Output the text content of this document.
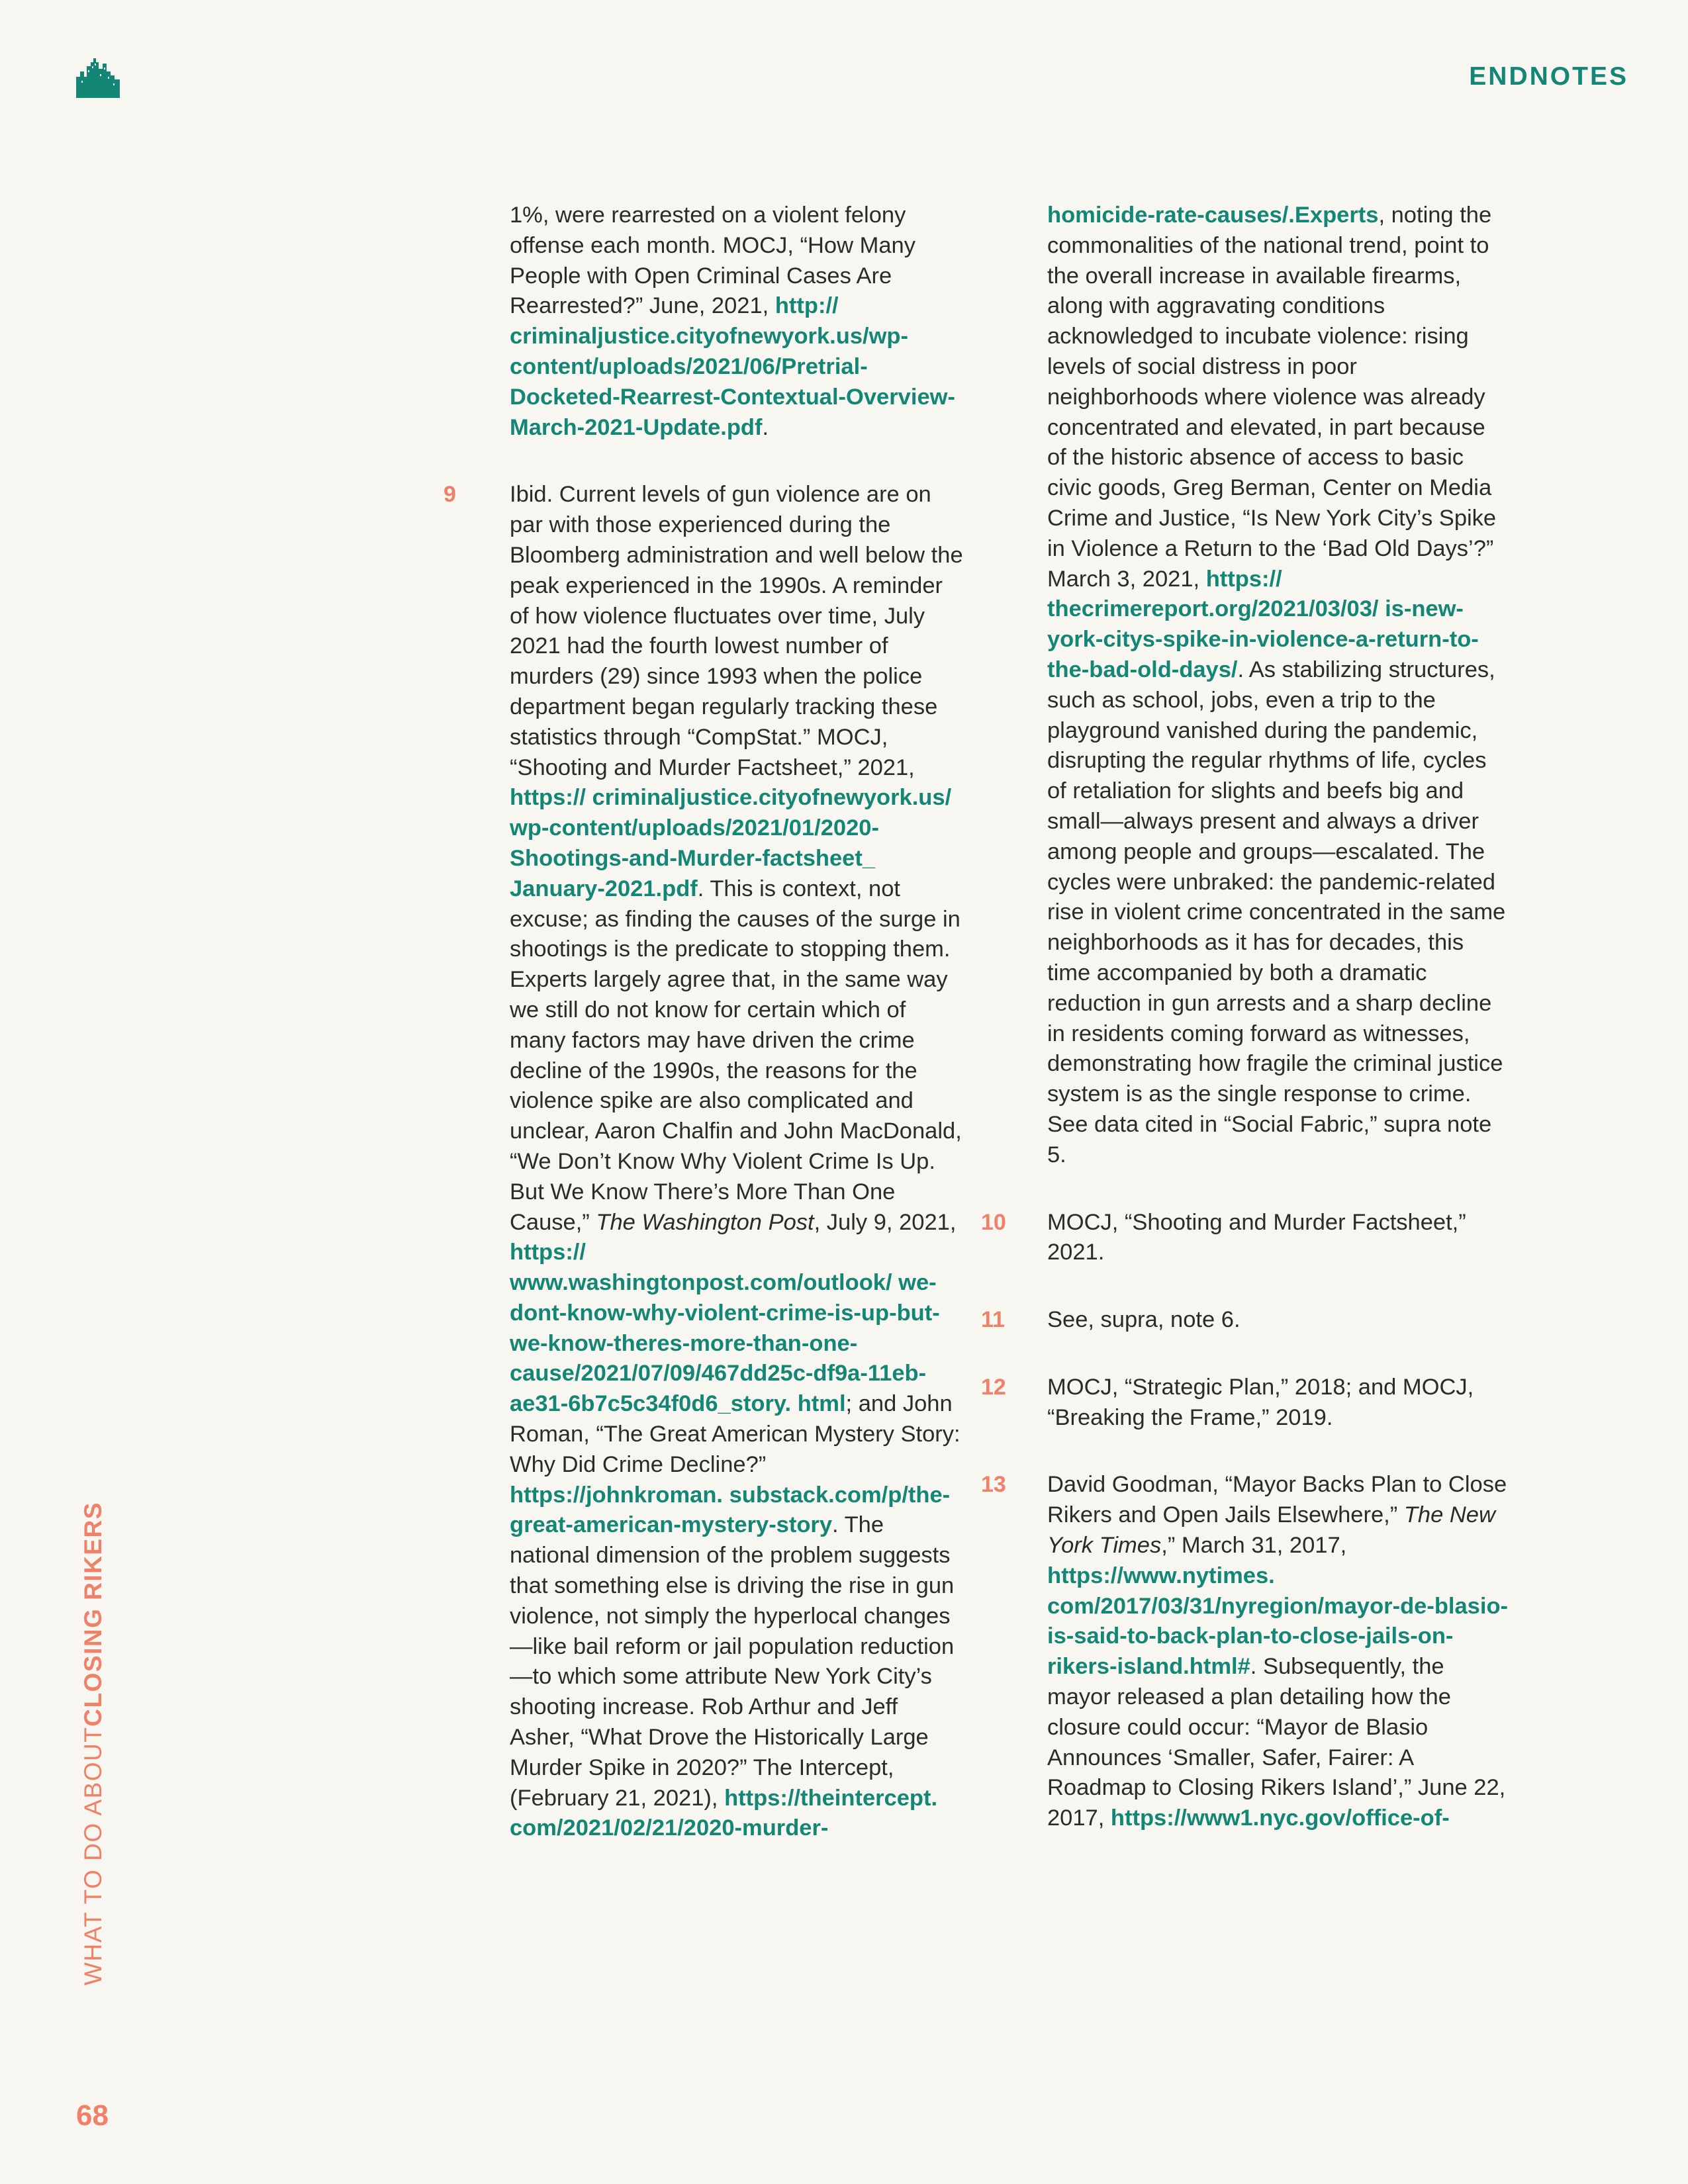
ENDNOTES
WHAT TO DO ABOUTCLOSING RIKERS
68

1%, were rearrested on a violent felony offense each month. MOCJ, “How Many People with Open Criminal Cases Are Rearrested?” June, 2021, http:// criminaljustice.cityofnewyork.us/wp-content/uploads/2021/06/Pretrial-Docketed-Rearrest-Contextual-Overview-March-2021-Update.pdf.

9 Ibid. Current levels of gun violence are on par with those experienced during the Bloomberg administration and well below the peak experienced in the 1990s. A reminder of how violence fluctuates over time, July 2021 had the fourth lowest number of murders (29) since 1993 when the police department began regularly tracking these statistics through “CompStat.” MOCJ, “Shooting and Murder Factsheet,” 2021, https:// criminaljustice.cityofnewyork.us/ wp-content/uploads/2021/01/2020-Shootings-and-Murder-factsheet_ January-2021.pdf. This is context, not excuse; as finding the causes of the surge in shootings is the predicate to stopping them. Experts largely agree that, in the same way we still do not know for certain which of many factors may have driven the crime decline of the 1990s, the reasons for the violence spike are also complicated and unclear, Aaron Chalfin and John MacDonald, “We Don’t Know Why Violent Crime Is Up. But We Know There’s More Than One Cause,” The Washington Post, July 9, 2021, https:// www.washingtonpost.com/outlook/ we-dont-know-why-violent-crime-is-up-but-we-know-theres-more-than-one-cause/2021/07/09/467dd25c-df9a-11eb-ae31-6b7c5c34f0d6_story. html; and John Roman, “The Great American Mystery Story: Why Did Crime Decline?” https://johnkroman. substack.com/p/the-great-american-mystery-story. The national dimension of the problem suggests that something else is driving the rise in gun violence, not simply the hyperlocal changes—like bail reform or jail population reduction—to which some attribute New York City’s shooting increase. Rob Arthur and Jeff Asher, “What Drove the Historically Large Murder Spike in 2020?” The Intercept, (February 21, 2021), https://theintercept. com/2021/02/21/2020-murder-

homicide-rate-causes/.Experts, noting the commonalities of the national trend, point to the overall increase in available firearms, along with aggravating conditions acknowledged to incubate violence: rising levels of social distress in poor neighborhoods where violence was already concentrated and elevated, in part because of the historic absence of access to basic civic goods, Greg Berman, Center on Media Crime and Justice, “Is New York City’s Spike in Violence a Return to the ‘Bad Old Days’?” March 3, 2021, https:// thecrimereport.org/2021/03/03/ is-new-york-citys-spike-in-violence-a-return-to-the-bad-old-days/. As stabilizing structures, such as school, jobs, even a trip to the playground vanished during the pandemic, disrupting the regular rhythms of life, cycles of retaliation for slights and beefs big and small—always present and always a driver among people and groups—escalated. The cycles were unbraked: the pandemic-related rise in violent crime concentrated in the same neighborhoods as it has for decades, this time accompanied by both a dramatic reduction in gun arrests and a sharp decline in residents coming forward as witnesses, demonstrating how fragile the criminal justice system is as the single response to crime. See data cited in “Social Fabric,” supra note 5.

10 MOCJ, “Shooting and Murder Factsheet,” 2021.

11 See, supra, note 6.

12 MOCJ, “Strategic Plan,” 2018; and MOCJ, “Breaking the Frame,” 2019.

13 David Goodman, “Mayor Backs Plan to Close Rikers and Open Jails Elsewhere,” The New York Times,” March 31, 2017, https://www.nytimes. com/2017/03/31/nyregion/mayor-de-blasio-is-said-to-back-plan-to-close-jails-on-rikers-island.html#. Subsequently, the mayor released a plan detailing how the closure could occur: “Mayor de Blasio Announces ‘Smaller, Safer, Fairer: A Roadmap to Closing Rikers Island’,” June 22, 2017, https://www1.nyc.gov/office-of-
